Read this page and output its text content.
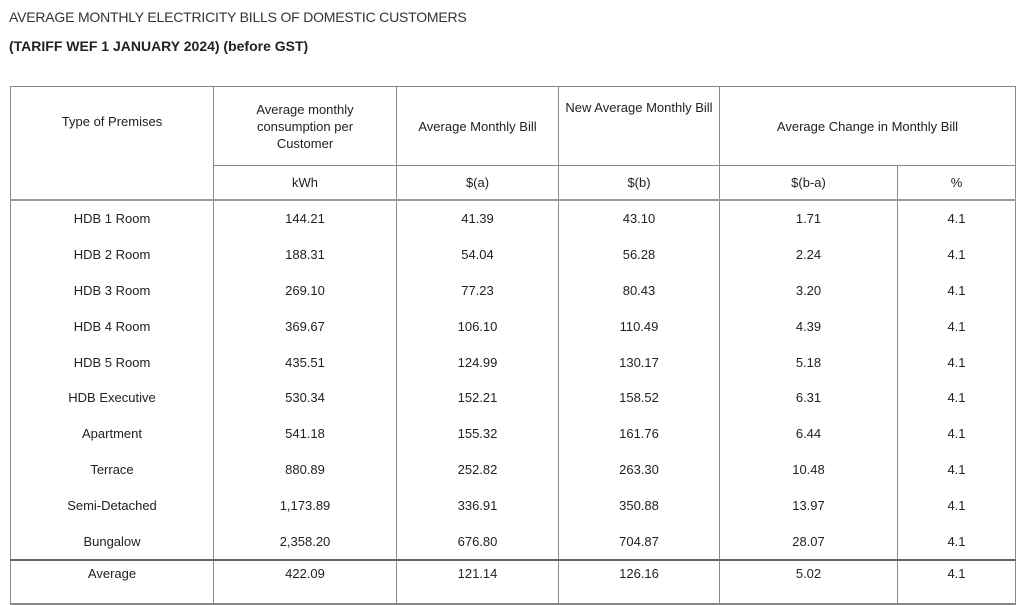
AVERAGE MONTHLY ELECTRICITY BILLS OF DOMESTIC CUSTOMERS
(TARIFF WEF 1 JANUARY 2024) (before GST)
Type of Premises	Average monthly consumption per Customer	Average Monthly Bill	New Average Monthly Bill	Average Change in Monthly Bill	
	kWh	$(a)	$(b)	$(b-a)	%
HDB 1 Room	144.21	41.39	43.10	1.71	4.1
HDB 2 Room	188.31	54.04	56.28	2.24	4.1
HDB 3 Room	269.10	77.23	80.43	3.20	4.1
HDB 4 Room	369.67	106.10	110.49	4.39	4.1
HDB 5 Room	435.51	124.99	130.17	5.18	4.1
HDB Executive	530.34	152.21	158.52	6.31	4.1
Apartment	541.18	155.32	161.76	6.44	4.1
Terrace	880.89	252.82	263.30	10.48	4.1
Semi-Detached	1,173.89	336.91	350.88	13.97	4.1
Bungalow	2,358.20	676.80	704.87	28.07	4.1
Average	422.09	121.14	126.16	5.02	4.1
